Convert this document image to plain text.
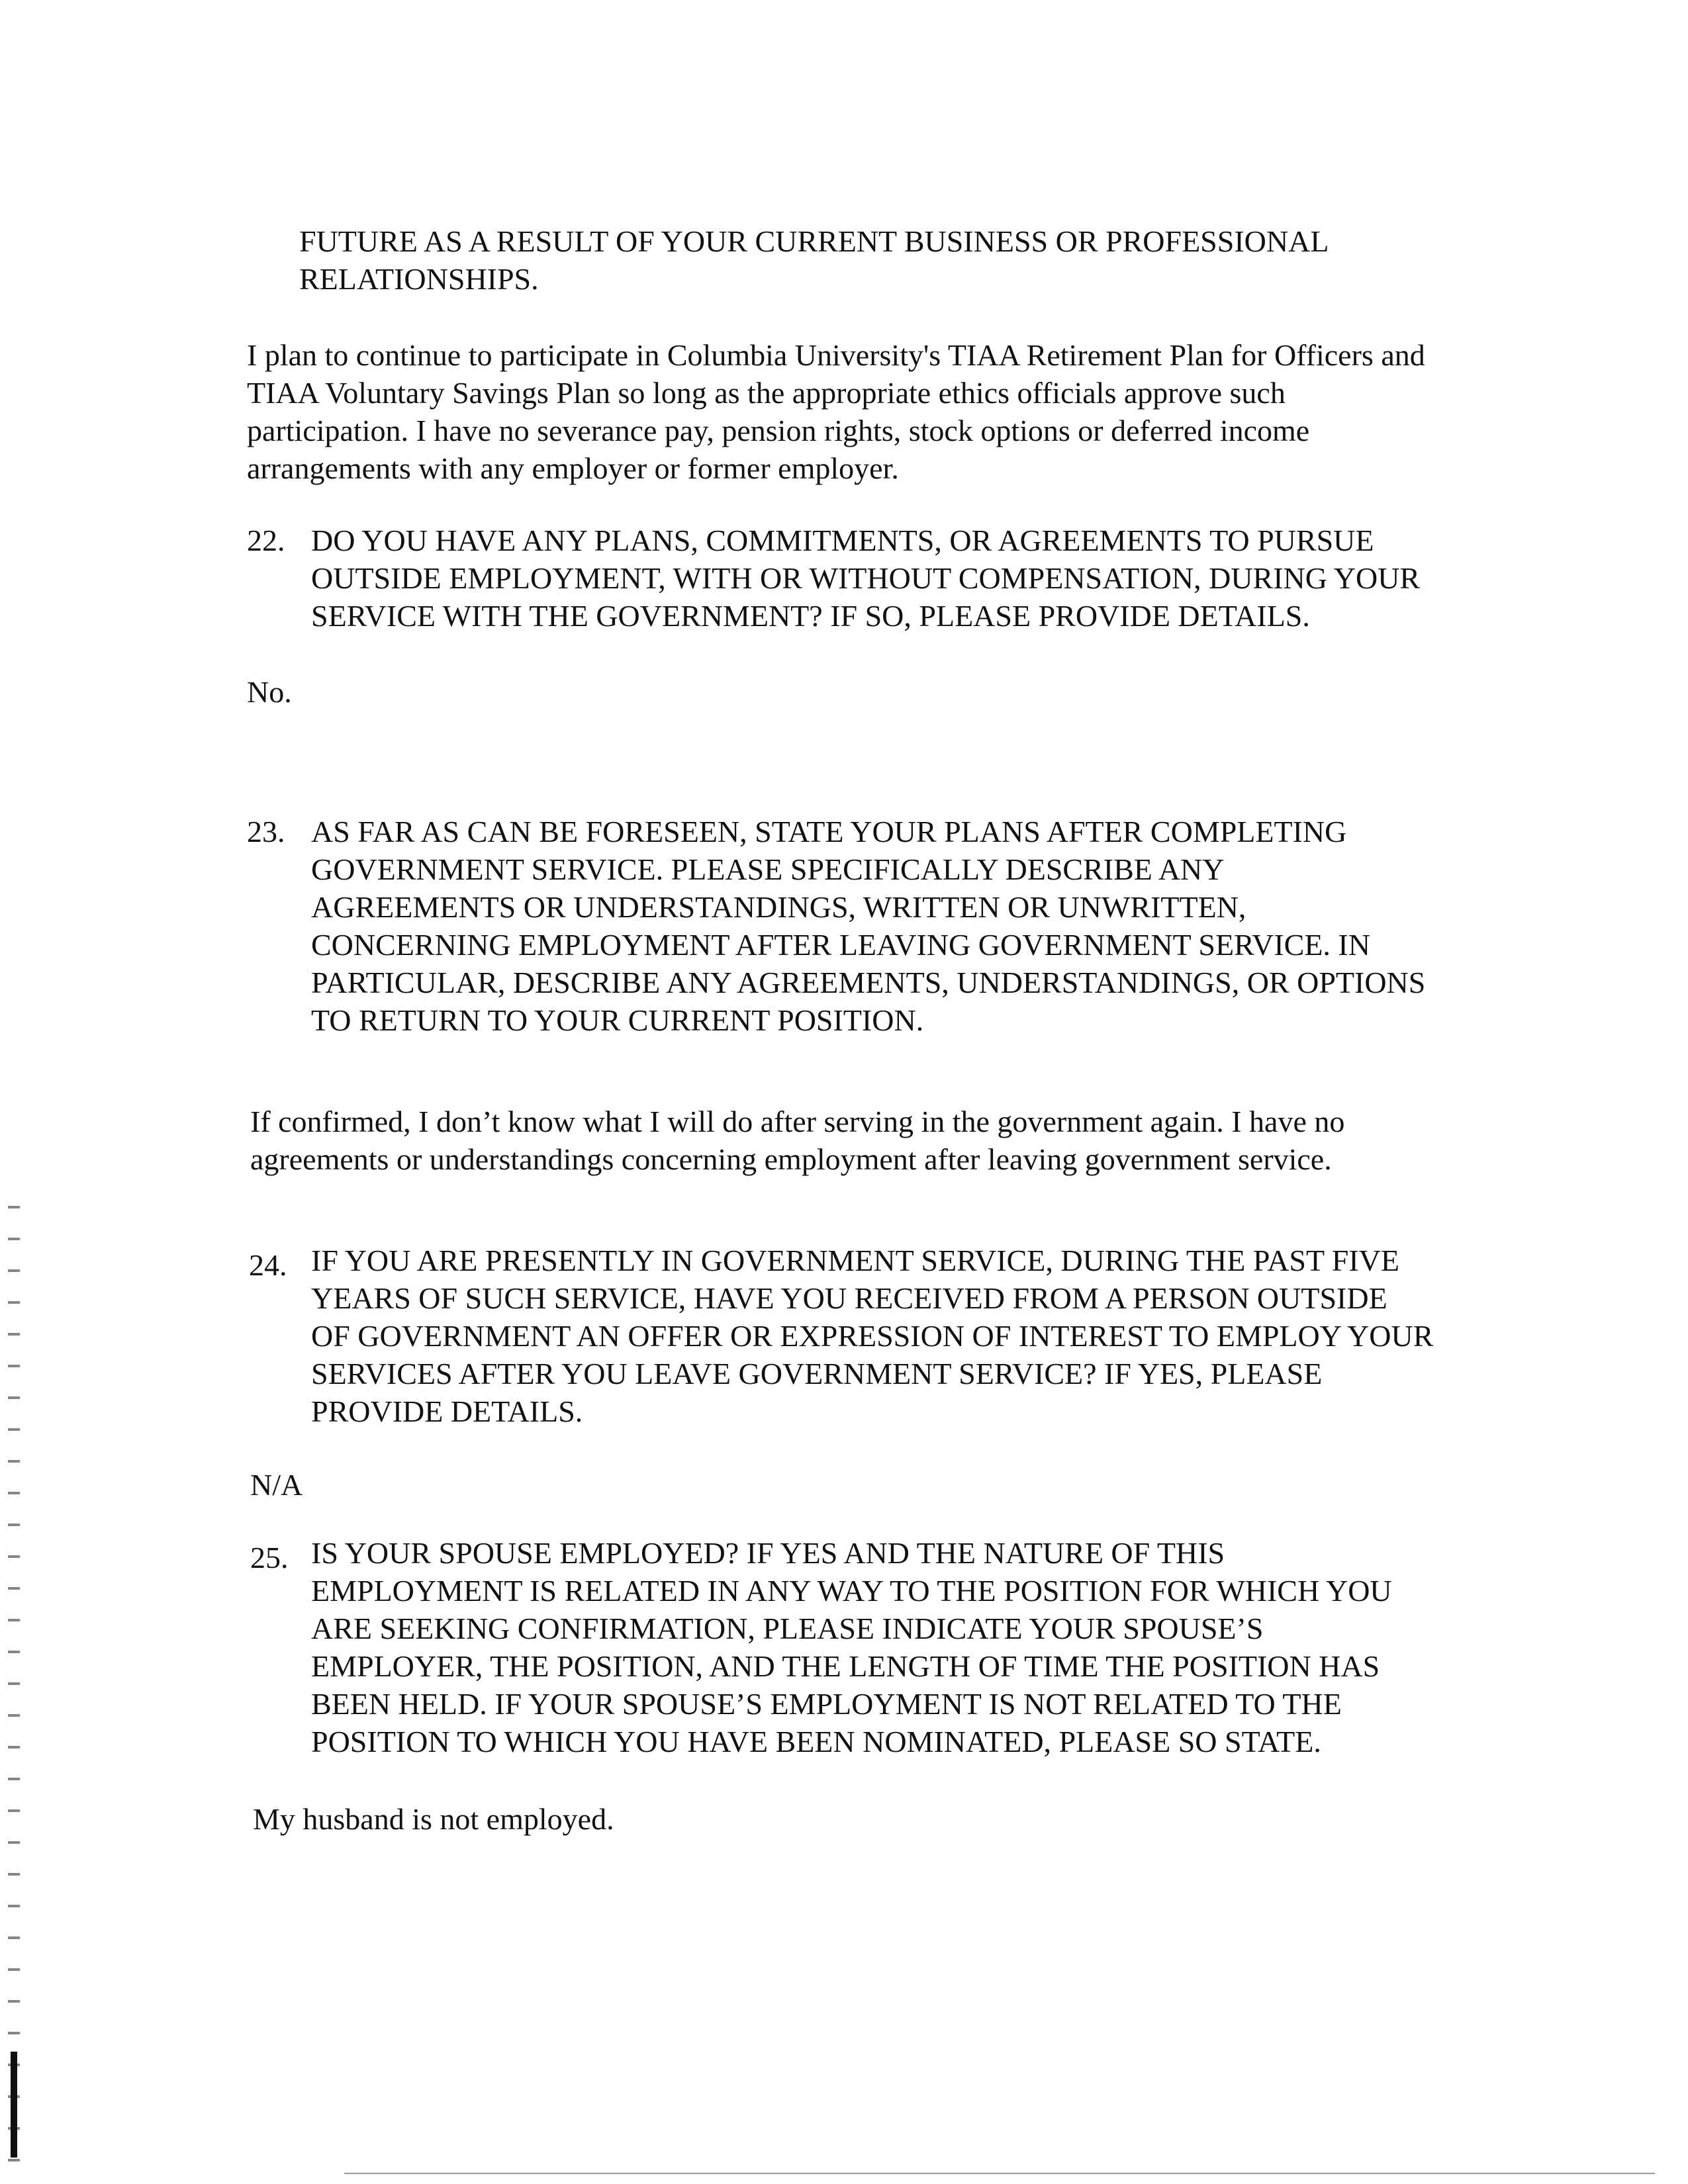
FUTURE AS A RESULT OF YOUR CURRENT BUSINESS OR PROFESSIONAL
RELATIONSHIPS.
I plan to continue to participate in Columbia University's TIAA Retirement Plan for Officers and
TIAA Voluntary Savings Plan so long as the appropriate ethics officials approve such
participation. I have no severance pay, pension rights, stock options or deferred income
arrangements with any employer or former employer.
22. DO YOU HAVE ANY PLANS, COMMITMENTS, OR AGREEMENTS TO PURSUE
OUTSIDE EMPLOYMENT, WITH OR WITHOUT COMPENSATION, DURING YOUR
SERVICE WITH THE GOVERNMENT? IF SO, PLEASE PROVIDE DETAILS.
No.
23. AS FAR AS CAN BE FORESEEN, STATE YOUR PLANS AFTER COMPLETING
GOVERNMENT SERVICE. PLEASE SPECIFICALLY DESCRIBE ANY
AGREEMENTS OR UNDERSTANDINGS, WRITTEN OR UNWRITTEN,
CONCERNING EMPLOYMENT AFTER LEAVING GOVERNMENT SERVICE. IN
PARTICULAR, DESCRIBE ANY AGREEMENTS, UNDERSTANDINGS, OR OPTIONS
TO RETURN TO YOUR CURRENT POSITION.
If confirmed, I don’t know what I will do after serving in the government again. I have no
agreements or understandings concerning employment after leaving government service.
24. IF YOU ARE PRESENTLY IN GOVERNMENT SERVICE, DURING THE PAST FIVE
YEARS OF SUCH SERVICE, HAVE YOU RECEIVED FROM A PERSON OUTSIDE
OF GOVERNMENT AN OFFER OR EXPRESSION OF INTEREST TO EMPLOY YOUR
SERVICES AFTER YOU LEAVE GOVERNMENT SERVICE? IF YES, PLEASE
PROVIDE DETAILS.
N/A
25. IS YOUR SPOUSE EMPLOYED? IF YES AND THE NATURE OF THIS
EMPLOYMENT IS RELATED IN ANY WAY TO THE POSITION FOR WHICH YOU
ARE SEEKING CONFIRMATION, PLEASE INDICATE YOUR SPOUSE’S
EMPLOYER, THE POSITION, AND THE LENGTH OF TIME THE POSITION HAS
BEEN HELD. IF YOUR SPOUSE’S EMPLOYMENT IS NOT RELATED TO THE
POSITION TO WHICH YOU HAVE BEEN NOMINATED, PLEASE SO STATE.
My husband is not employed.
